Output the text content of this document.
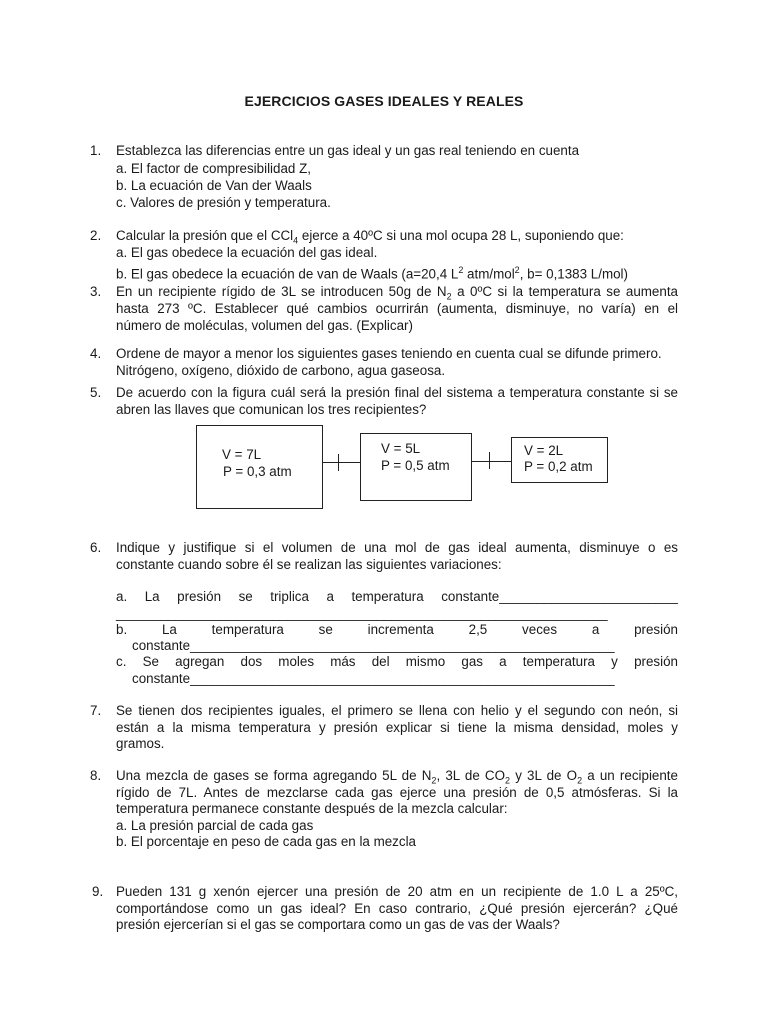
EJERCICIOS GASES IDEALES Y REALES
1. Establezca las diferencias entre un gas ideal y un gas real teniendo en cuenta
a. El factor de compresibilidad Z,
b. La ecuación de Van der Waals
c. Valores de presión y temperatura.
2. Calcular la presión que el CCl$_4$ ejerce a 40ºC si una mol ocupa 28 L, suponiendo que:
a. El gas obedece la ecuación del gas ideal.
b. El gas obedece la ecuación de van de Waals (a=20,4 $L^2$ atm/mol$^2$, b= 0,1383 L/mol)
3. En un recipiente rígido de 3L se introducen 50g de $N_2$ a 0ºC si la temperatura se aumenta
hasta 273 ºC. Establecer qué cambios ocurrirán (aumenta, disminuye, no varía) en el
número de moléculas, volumen del gas. (Explicar)
4. Ordene de mayor a menor los siguientes gases teniendo en cuenta cual se difunde primero.
Nitrógeno, oxígeno, dióxido de carbono, agua gaseosa.
5. De acuerdo con la figura cuál será la presión final del sistema a temperatura constante si se
abren las llaves que comunican los tres recipientes?
V = 7L
P = 0,3 atm
V = 5L
P = 0,5 atm
V = 2L
P = 0,2 atm
6. Indique y justifique si el volumen de una mol de gas ideal aumenta, disminuye o es
constante cuando sobre él se realizan las siguientes variaciones:
a. La presión se triplica a temperatura constante________________________
__________________________________________________________________
b. La temperatura se incrementa 2,5 veces a presión
constante_________________________________________________________
c. Se agregan dos moles más del mismo gas a temperatura y presión
constante_________________________________________________________
7. Se tienen dos recipientes iguales, el primero se llena con helio y el segundo con neón, si
están a la misma temperatura y presión explicar si tiene la misma densidad, moles y
gramos.
8. Una mezcla de gases se forma agregando 5L de $N_2$, 3L de $CO_2$ y 3L de $O_2$ a un recipiente
rígido de 7L. Antes de mezclarse cada gas ejerce una presión de 0,5 atmósferas. Si la
temperatura permanece constante después de la mezcla calcular:
a. La presión parcial de cada gas
b. El porcentaje en peso de cada gas en la mezcla
9. Pueden 131 g xenón ejercer una presión de 20 atm en un recipiente de 1.0 L a 25ºC,
comportándose como un gas ideal? En caso contrario, ¿Qué presión ejercerán? ¿Qué
presión ejercerían si el gas se comportara como un gas de vas der Waals?
